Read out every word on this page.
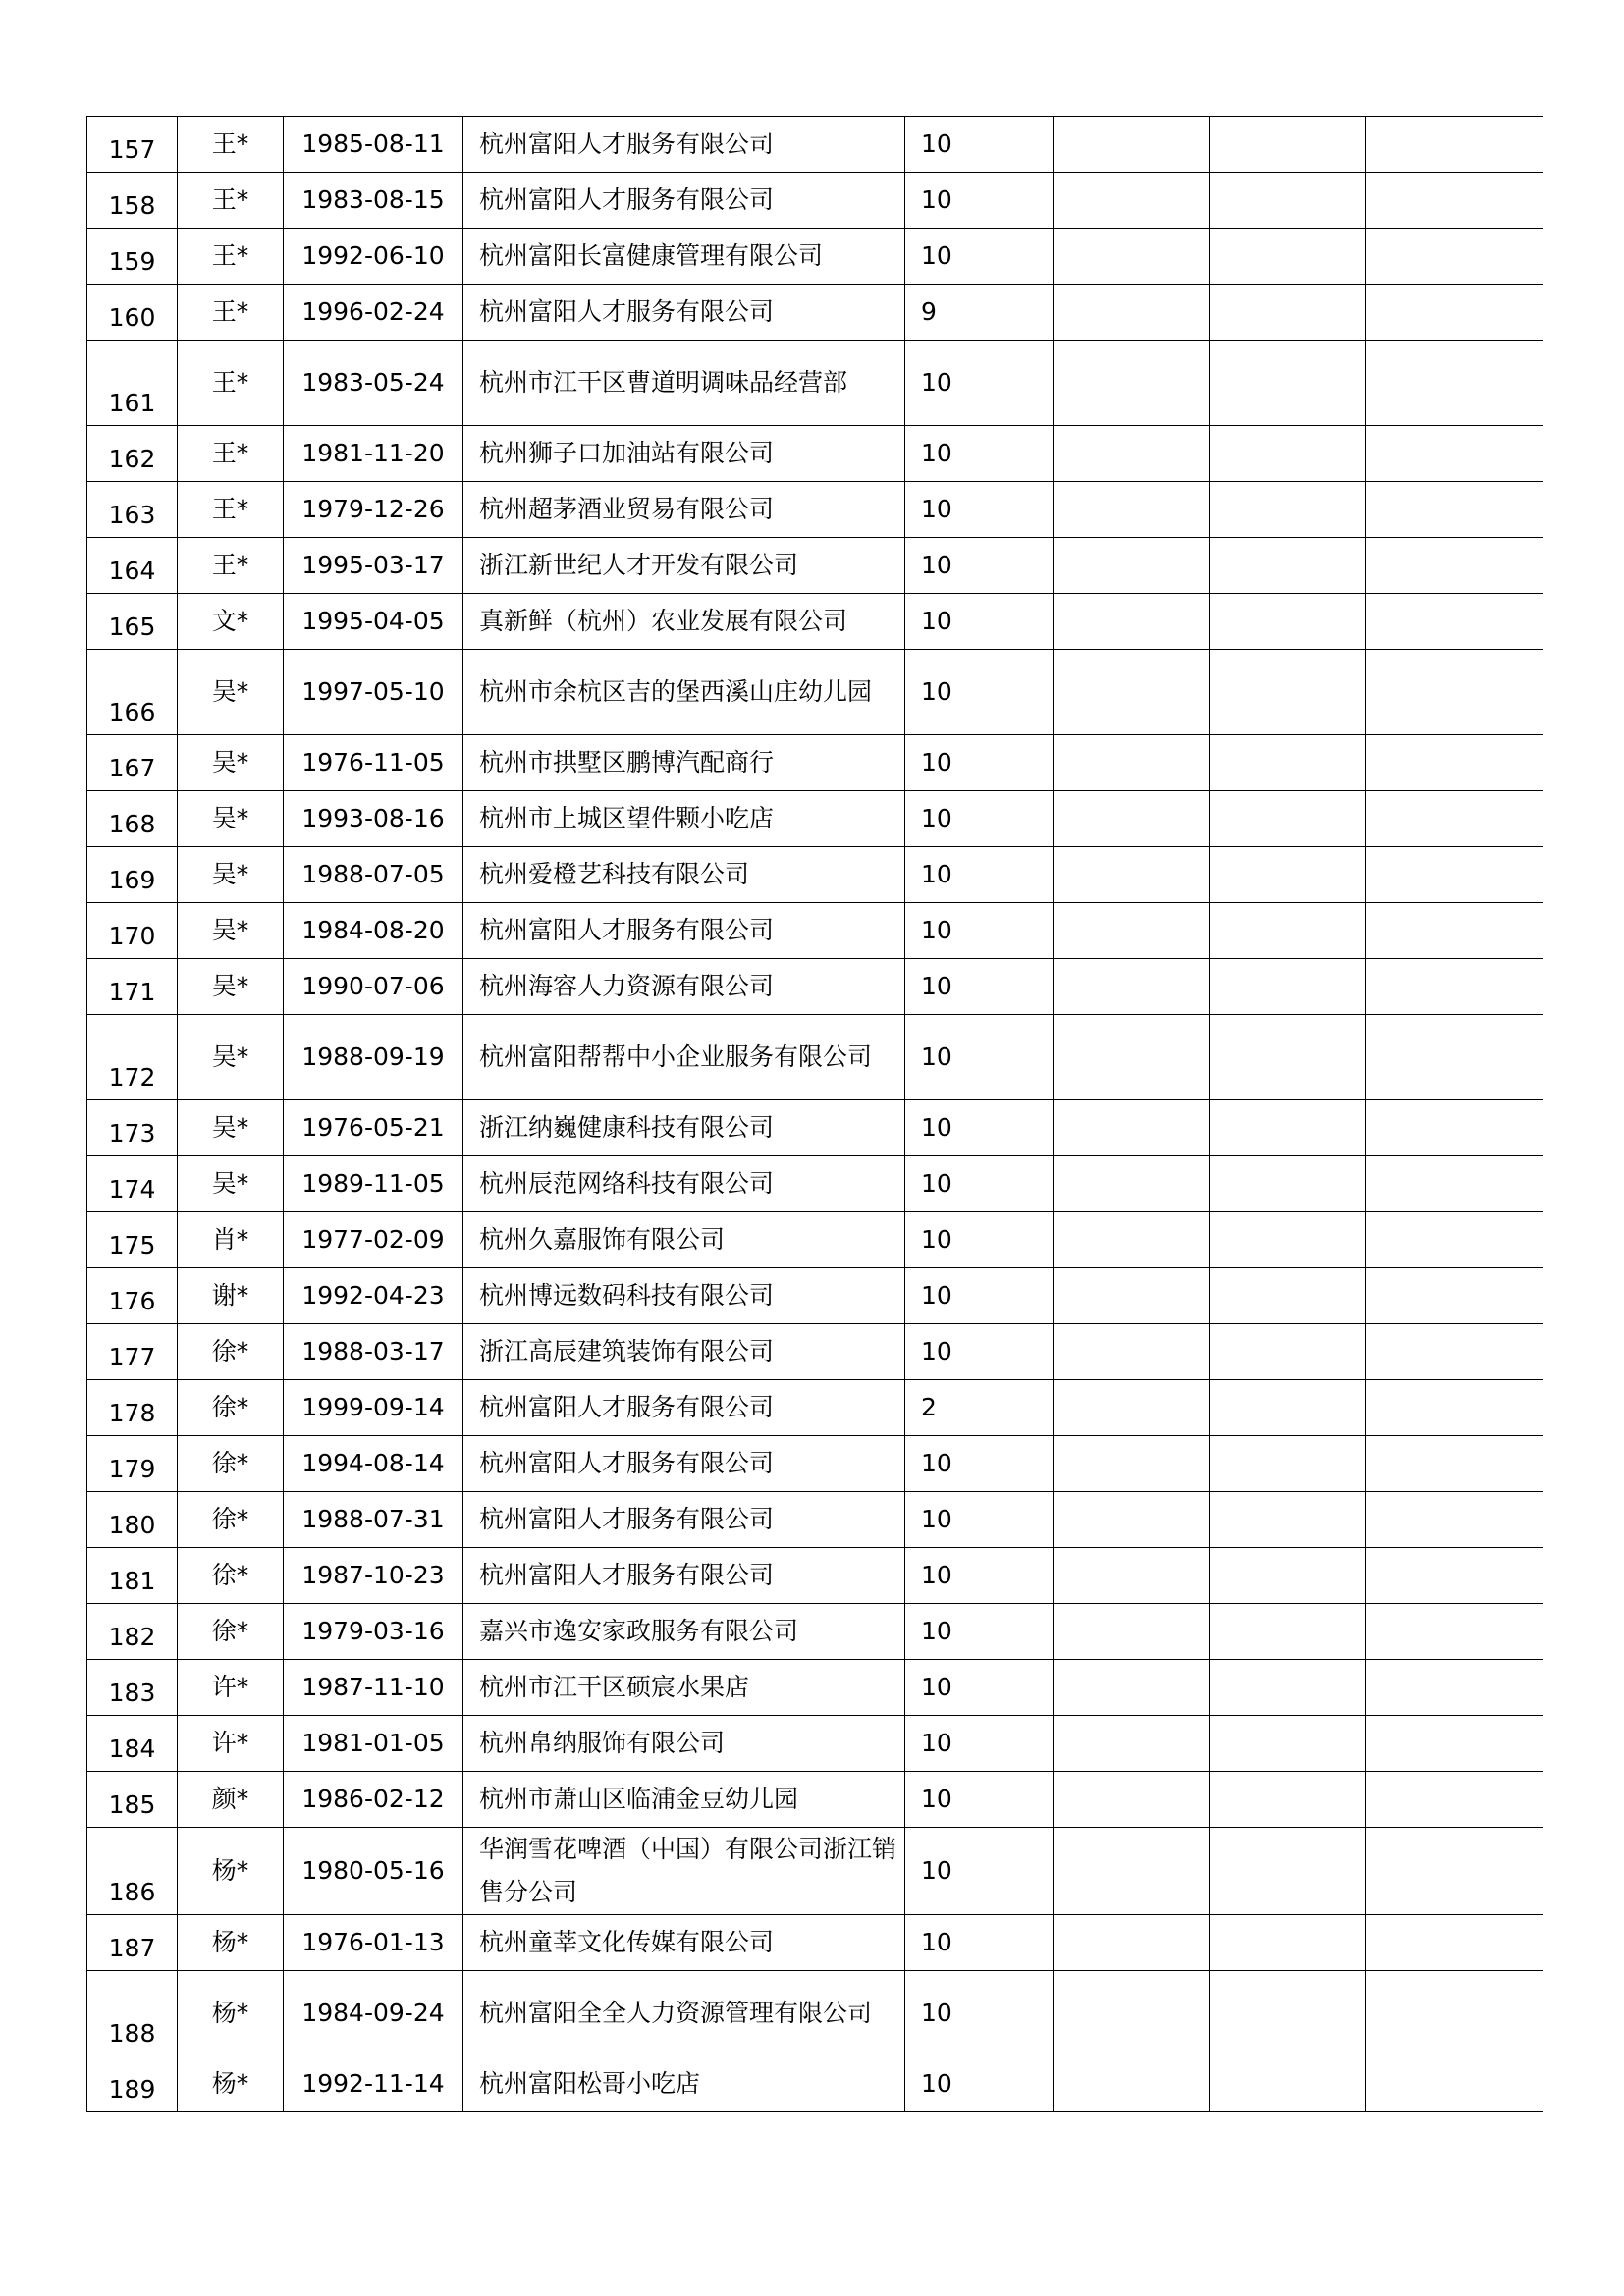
157	王*	1985-08-11	杭州富阳人才服务有限公司	10			
158	王*	1983-08-15	杭州富阳人才服务有限公司	10			
159	王*	1992-06-10	杭州富阳长富健康管理有限公司	10			
160	王*	1996-02-24	杭州富阳人才服务有限公司	9			
161	王*	1983-05-24	杭州市江干区曹道明调味品经营部	10			
162	王*	1981-11-20	杭州狮子口加油站有限公司	10			
163	王*	1979-12-26	杭州超茅酒业贸易有限公司	10			
164	王*	1995-03-17	浙江新世纪人才开发有限公司	10			
165	文*	1995-04-05	真新鲜（杭州）农业发展有限公司	10			
166	吴*	1997-05-10	杭州市余杭区吉的堡西溪山庄幼儿园	10			
167	吴*	1976-11-05	杭州市拱墅区鹏博汽配商行	10			
168	吴*	1993-08-16	杭州市上城区望件颗小吃店	10			
169	吴*	1988-07-05	杭州爱橙艺科技有限公司	10			
170	吴*	1984-08-20	杭州富阳人才服务有限公司	10			
171	吴*	1990-07-06	杭州海容人力资源有限公司	10			
172	吴*	1988-09-19	杭州富阳帮帮中小企业服务有限公司	10			
173	吴*	1976-05-21	浙江纳巍健康科技有限公司	10			
174	吴*	1989-11-05	杭州辰范网络科技有限公司	10			
175	肖*	1977-02-09	杭州久嘉服饰有限公司	10			
176	谢*	1992-04-23	杭州博远数码科技有限公司	10			
177	徐*	1988-03-17	浙江高辰建筑装饰有限公司	10			
178	徐*	1999-09-14	杭州富阳人才服务有限公司	2			
179	徐*	1994-08-14	杭州富阳人才服务有限公司	10			
180	徐*	1988-07-31	杭州富阳人才服务有限公司	10			
181	徐*	1987-10-23	杭州富阳人才服务有限公司	10			
182	徐*	1979-03-16	嘉兴市逸安家政服务有限公司	10			
183	许*	1987-11-10	杭州市江干区硕宸水果店	10			
184	许*	1981-01-05	杭州帛纳服饰有限公司	10			
185	颜*	1986-02-12	杭州市萧山区临浦金豆幼儿园	10			
186	杨*	1980-05-16	华润雪花啤酒（中国）有限公司浙江销售分公司	10			
187	杨*	1976-01-13	杭州童莘文化传媒有限公司	10			
188	杨*	1984-09-24	杭州富阳全全人力资源管理有限公司	10			
189	杨*	1992-11-14	杭州富阳松哥小吃店	10			
